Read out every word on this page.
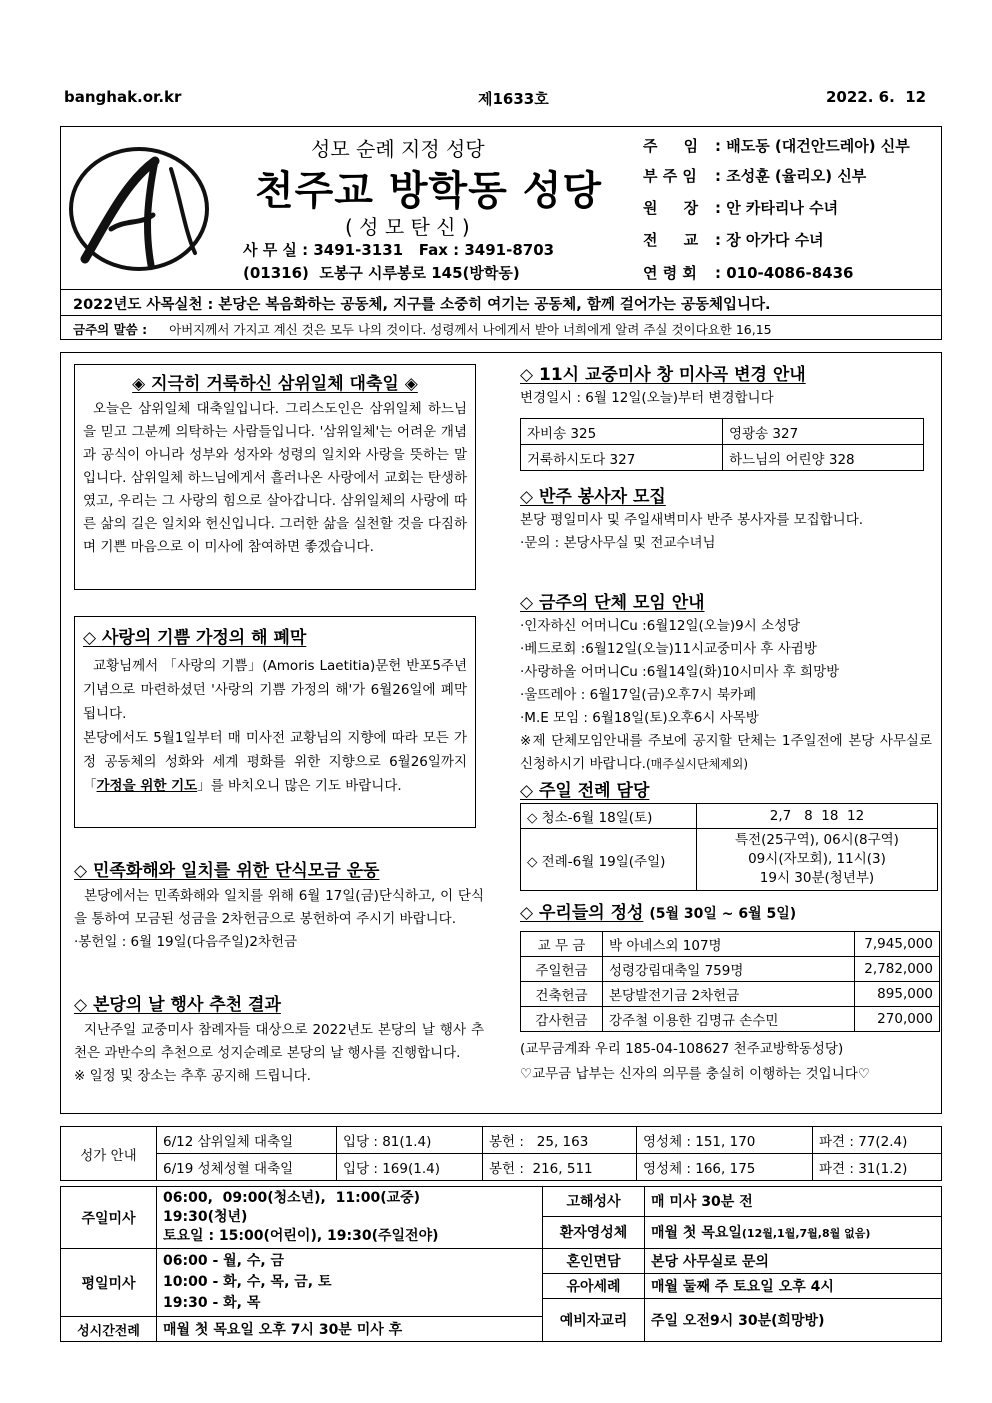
banghak.or.kr	제1633호	2022. 6.  12
성모 순례 지정 성당
천주교 방학동 성당
( 성 모 탄 신 )
사 무 실 : 3491-3131   Fax : 3491-8703
(01316)  도봉구 시루봉로 145(방학동)
주     임 : 배도동 (대건안드레아) 신부
부 주 임 : 조성훈 (율리오) 신부
원     장 : 안 카타리나 수녀
전     교 : 장 아가다 수녀
연 령 회 : 010-4086-8436
2022년도 사목실천 : 본당은 복음화하는 공동체, 지구를 소중히 여기는 공동체, 함께 걸어가는 공동체입니다.
금주의 말씀 : 아버지께서 가지고 계신 것은 모두 나의 것이다. 성령께서 나에게서 받아 너희에게 알려 주실 것이다요한 16,15
◈ 지극히 거룩하신 삼위일체 대축일 ◈
오늘은 삼위일체 대축일입니다. 그리스도인은 삼위일체 하느님을 믿고 그분께 의탁하는 사람들입니다. '삼위일체'는 어려운 개념과 공식이 아니라 성부와 성자와 성령의 일치와 사랑을 뜻하는 말입니다. 삼위일체 하느님에게서 흘러나온 사랑에서 교회는 탄생하였고, 우리는 그 사랑의 힘으로 살아갑니다. 삼위일체의 사랑에 따른 삶의 길은 일치와 헌신입니다. 그러한 삶을 실천할 것을 다짐하며 기쁜 마음으로 이 미사에 참여하면 좋겠습니다.
◇ 사랑의 기쁨 가정의 해 폐막
교황님께서 「사랑의 기쁨」(Amoris Laetitia)문헌 반포5주년 기념으로 마련하셨던 '사랑의 기쁨 가정의 해'가 6월26일에 폐막됩니다.
본당에서도 5월1일부터 매 미사전 교황님의 지향에 따라 모든 가정 공동체의 성화와 세계 평화를 위한 지향으로 6월26일까지 「가정을 위한 기도」를 바치오니 많은 기도 바랍니다.
◇ 민족화해와 일치를 위한 단식모금 운동
본당에서는 민족화해와 일치를 위해 6월 17일(금)단식하고, 이 단식을 통하여 모금된 성금을 2차헌금으로 봉헌하여 주시기 바랍니다.
·봉헌일 : 6월 19일(다음주일)2차헌금
◇ 본당의 날 행사 추천 결과
지난주일 교중미사 참례자들 대상으로 2022년도 본당의 날 행사 추천은 과반수의 추천으로 성지순례로 본당의 날 행사를 진행합니다.
※ 일정 및 장소는 추후 공지해 드립니다.
◇ 11시 교중미사 창 미사곡 변경 안내
변경일시 : 6월 12일(오늘)부터 변경합니다
자비송 325	영광송 327
거룩하시도다 327	하느님의 어린양 328
◇ 반주 봉사자 모집
본당 평일미사 및 주일새벽미사 반주 봉사자를 모집합니다.
·문의 : 본당사무실 및 전교수녀님
◇ 금주의 단체 모임 안내
·인자하신 어머니Cu :6월12일(오늘)9시 소성당
·베드로회 :6월12일(오늘)11시교중미사 후 사귐방
·사랑하올 어머니Cu :6월14일(화)10시미사 후 희망방
·울뜨레아 : 6월17일(금)오후7시 북카페
·M.E 모임 : 6월18일(토)오후6시 사목방
※제 단체모임안내를 주보에 공지할 단체는 1주일전에 본당 사무실로 신청하시기 바랍니다.(매주실시단체제외)
◇ 주일 전례 담당
◇ 청소-6월 18일(토)	2,7   8  18  12
◇ 전례-6월 19일(주일)	특전(25구역), 06시(8구역)
09시(자모회), 11시(3)
19시 30분(청년부)
◇ 우리들의 정성 (5월 30일 ~ 6월 5일)
교 무 금	박 아네스외 107명	7,945,000
주일헌금	성령강림대축일 759명	2,782,000
건축헌금	본당발전기금 2차헌금	895,000
감사헌금	강주철 이용한 김명규 손수민	270,000
(교무금계좌 우리 185-04-108627 천주교방학동성당)
♡교무금 납부는 신자의 의무를 충실히 이행하는 것입니다♡
성가 안내	6/12 삼위일체 대축일	입당 : 81(1.4)	봉헌 :   25, 163	영성체 : 151, 170	파견 : 77(2.4)
	6/19 성체성혈 대축일	입당 : 169(1.4)	봉헌 :  216, 511	영성체 : 166, 175	파견 : 31(1.2)
주일미사	06:00,  09:00(청소년),  11:00(교중)
19:30(청년)
토요일 : 15:00(어린이), 19:30(주일전야)	고해성사	매 미사 30분 전
		환자영성체	매월 첫 목요일(12월,1월,7월,8월 없음)
평일미사	06:00 - 월, 수, 금
10:00 - 화, 수, 목, 금, 토
19:30 - 화, 목	혼인면담	본당 사무실로 문의
		유아세례	매월 둘째 주 토요일 오후 4시
		예비자교리	주일 오전9시 30분(희망방)
성시간전례	매월 첫 목요일 오후 7시 30분 미사 후		
